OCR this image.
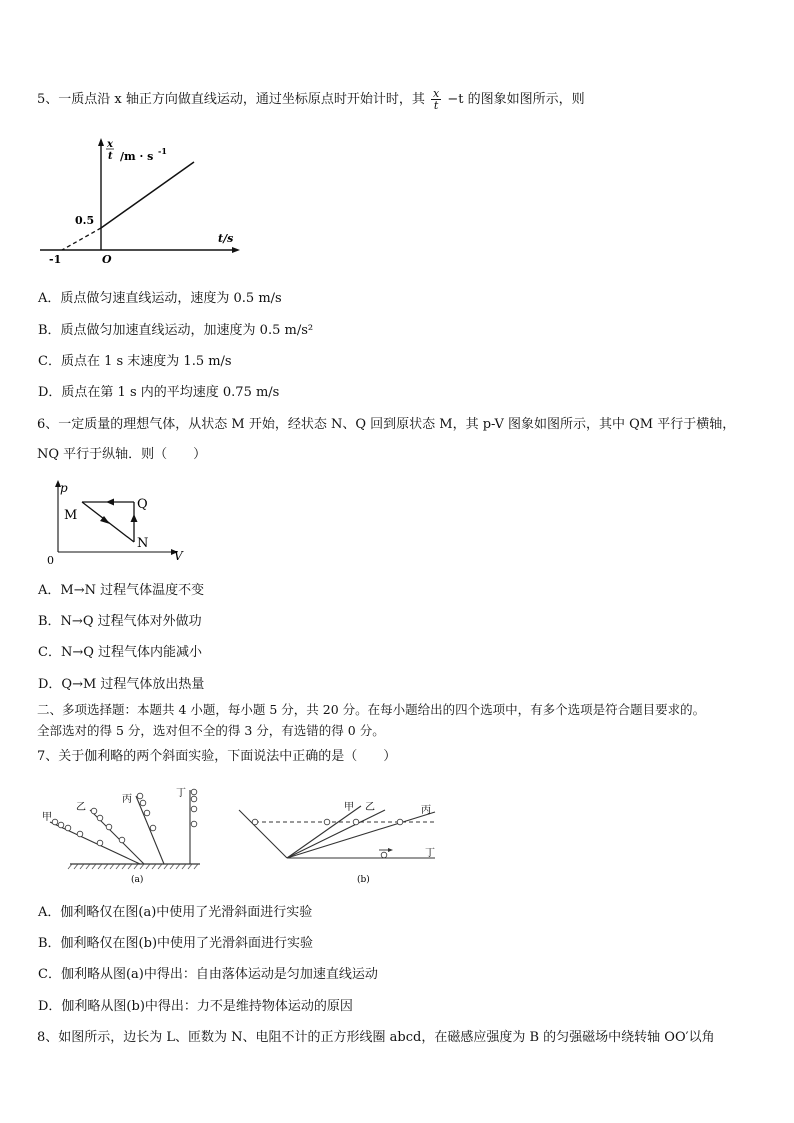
5、一质点沿 x 轴正方向做直线运动，通过坐标原点时开始计时，其 $\frac{x}{t} -t$ 的图象如图所示，则
x
t /m · s -1
0.5
t/s
O
-1
A．质点做匀速直线运动，速度为 0.5 m/s
B．质点做匀加速直线运动，加速度为 0.5 m/s²
C．质点在 1 s 末速度为 1.5 m/s
D．质点在第 1 s 内的平均速度 0.75 m/s
6、一定质量的理想气体，从状态 M 开始，经状态 N、Q 回到原状态 M，其 p-V 图象如图所示，其中 QM 平行于横轴，
NQ 平行于纵轴．则（　　）
p
V
0
M
N
Q
A．M→N 过程气体温度不变
B．N→Q 过程气体对外做功
C．N→Q 过程气体内能减小
D．Q→M 过程气体放出热量
二、多项选择题：本题共 4 小题，每小题 5 分，共 20 分。在每小题给出的四个选项中，有多个选项是符合题目要求的。
全部选对的得 5 分，选对但不全的得 3 分，有选错的得 0 分。
7、关于伽利略的两个斜面实验，下面说法中正确的是（　　）
甲
乙
丙
丁
(a)
甲 乙	丙
丁
(b)
A．伽利略仅在图(a)中使用了光滑斜面进行实验
B．伽利略仅在图(b)中使用了光滑斜面进行实验
C．伽利略从图(a)中得出：自由落体运动是匀加速直线运动
D．伽利略从图(b)中得出：力不是维持物体运动的原因
8、如图所示，边长为 L、匝数为 N、电阻不计的正方形线圈 abcd，在磁感应强度为 B 的匀强磁场中绕转轴 OO′以角
